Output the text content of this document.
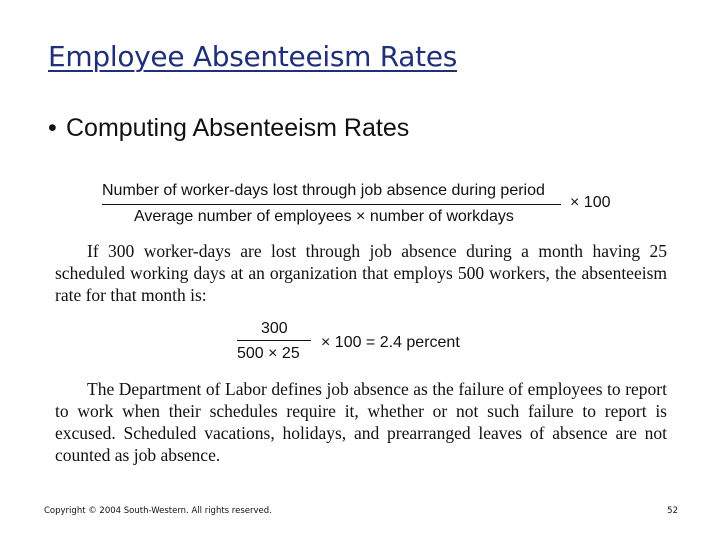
Employee Absenteeism Rates
• Computing Absenteeism Rates
Number of worker-days lost through job absence during period
Average number of employees × number of workdays
× 100

If 300 worker-days are lost through job absence during a month having 25 scheduled working days at an organization that employs 500 workers, the absenteeism rate for that month is:

300
500 × 25
× 100 = 2.4 percent

The Department of Labor defines job absence as the failure of employees to report to work when their schedules require it, whether or not such failure to report is excused. Scheduled vacations, holidays, and prearranged leaves of absence are not counted as job absence.

Copyright © 2004 South-Western. All rights reserved.	52
